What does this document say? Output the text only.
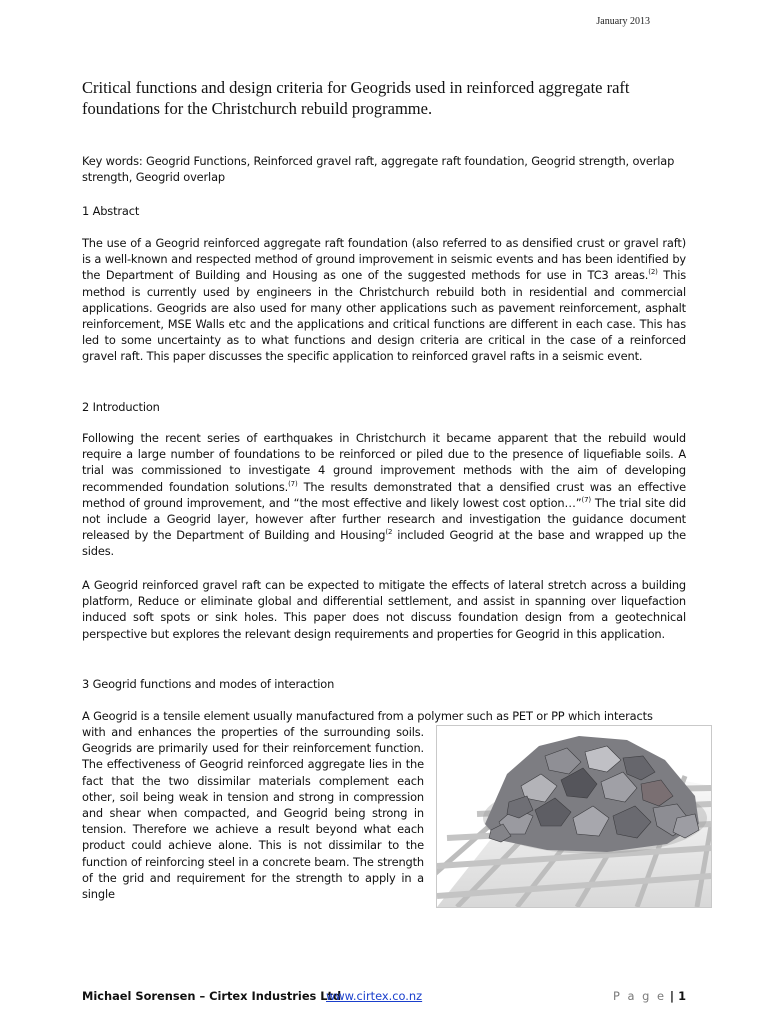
January 2013
Critical functions and design criteria for Geogrids used in reinforced aggregate raft foundations for the Christchurch rebuild programme.
Key words: Geogrid Functions, Reinforced gravel raft, aggregate raft foundation, Geogrid strength, overlap strength, Geogrid overlap
1 Abstract
The use of a Geogrid reinforced aggregate raft foundation (also referred to as densified crust or gravel raft) is a well-known and respected method of ground improvement in seismic events and has been identified by the Department of Building and Housing as one of the suggested methods for use in TC3 areas.$^{(2)}$ This method is currently used by engineers in the Christchurch rebuild both in residential and commercial applications. Geogrids are also used for many other applications such as pavement reinforcement, asphalt reinforcement, MSE Walls etc and the applications and critical functions are different in each case. This has led to some uncertainty as to what functions and design criteria are critical in the case of a reinforced gravel raft. This paper discusses the specific application to reinforced gravel rafts in a seismic event.
2 Introduction
Following the recent series of earthquakes in Christchurch it became apparent that the rebuild would require a large number of foundations to be reinforced or piled due to the presence of liquefiable soils. A trial was commissioned to investigate 4 ground improvement methods with the aim of developing recommended foundation solutions.$^{(7)}$ The results demonstrated that a densified crust was an effective method of ground improvement, and “the most effective and likely lowest cost option…”$^{(7)}$ The trial site did not include a Geogrid layer, however after further research and investigation the guidance document released by the Department of Building and Housing$^{(2}$ included Geogrid at the base and wrapped up the sides.
A Geogrid reinforced gravel raft can be expected to mitigate the effects of lateral stretch across a building platform, Reduce or eliminate global and differential settlement, and assist in spanning over liquefaction induced soft spots or sink holes. This paper does not discuss foundation design from a geotechnical perspective but explores the relevant design requirements and properties for Geogrid in this application.
3 Geogrid functions and modes of interaction
A Geogrid is a tensile element usually manufactured from a polymer such as PET or PP which interacts
with and enhances the properties of the surrounding soils. Geogrids are primarily used for their reinforcement function. The effectiveness of Geogrid reinforced aggregate lies in the fact that the two dissimilar materials complement each other, soil being weak in tension and strong in compression and shear when compacted, and Geogrid being strong in tension. Therefore we achieve a result beyond what each product could achieve alone. This is not dissimilar to the function of reinforcing steel in a concrete beam. The strength of the grid and requirement for the strength to apply in a single
Michael Sorensen – Cirtex Industries Ltd
www.cirtex.co.nz	P a g e | 1
